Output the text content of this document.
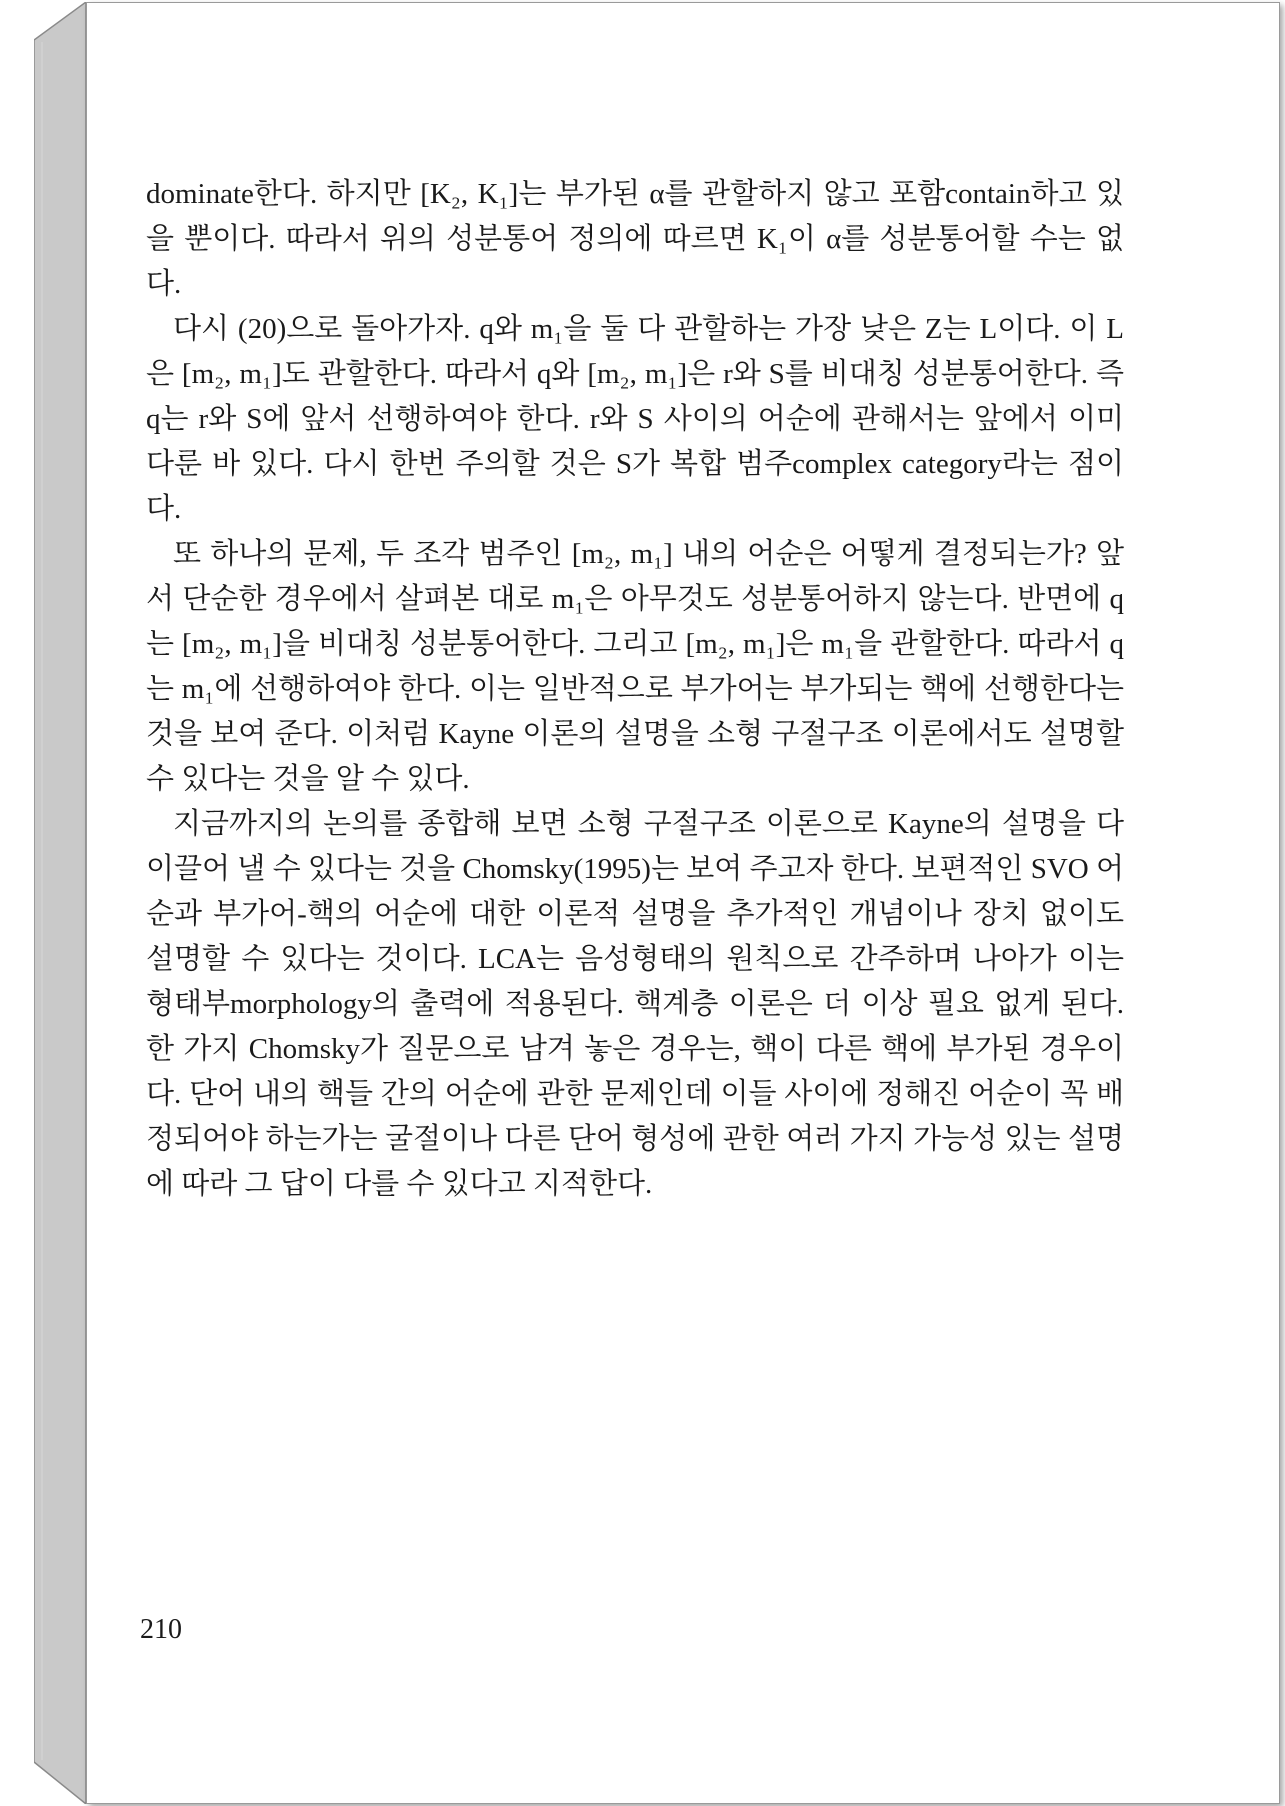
dominate한다. 하지만 [K₂, K₁]는 부가된 α를 관할하지 않고 포함contain하고 있을 뿐이다. 따라서 위의 성분통어 정의에 따르면 K₁이 α를 성분통어할 수는 없다.

다시 (20)으로 돌아가자. q와 m₁을 둘 다 관할하는 가장 낮은 Z는 L이다. 이 L은 [m₂, m₁]도 관할한다. 따라서 q와 [m₂, m₁]은 r와 S를 비대칭 성분통어한다. 즉 q는 r와 S에 앞서 선행하여야 한다. r와 S 사이의 어순에 관해서는 앞에서 이미 다룬 바 있다. 다시 한번 주의할 것은 S가 복합 범주complex category라는 점이다.

또 하나의 문제, 두 조각 범주인 [m₂, m₁] 내의 어순은 어떻게 결정되는가? 앞서 단순한 경우에서 살펴본 대로 m₁은 아무것도 성분통어하지 않는다. 반면에 q는 [m₂, m₁]을 비대칭 성분통어한다. 그리고 [m₂, m₁]은 m₁을 관할한다. 따라서 q는 m₁에 선행하여야 한다. 이는 일반적으로 부가어는 부가되는 핵에 선행한다는 것을 보여 준다. 이처럼 Kayne 이론의 설명을 소형 구절구조 이론에서도 설명할 수 있다는 것을 알 수 있다.

지금까지의 논의를 종합해 보면 소형 구절구조 이론으로 Kayne의 설명을 다 이끌어 낼 수 있다는 것을 Chomsky(1995)는 보여 주고자 한다. 보편적인 SVO 어순과 부가어-핵의 어순에 대한 이론적 설명을 추가적인 개념이나 장치 없이도 설명할 수 있다는 것이다. LCA는 음성형태의 원칙으로 간주하며 나아가 이는 형태부morphology의 출력에 적용된다. 핵계층 이론은 더 이상 필요 없게 된다. 한 가지 Chomsky가 질문으로 남겨 놓은 경우는, 핵이 다른 핵에 부가된 경우이다. 단어 내의 핵들 간의 어순에 관한 문제인데 이들 사이에 정해진 어순이 꼭 배정되어야 하는가는 굴절이나 다른 단어 형성에 관한 여러 가지 가능성 있는 설명에 따라 그 답이 다를 수 있다고 지적한다.

210
